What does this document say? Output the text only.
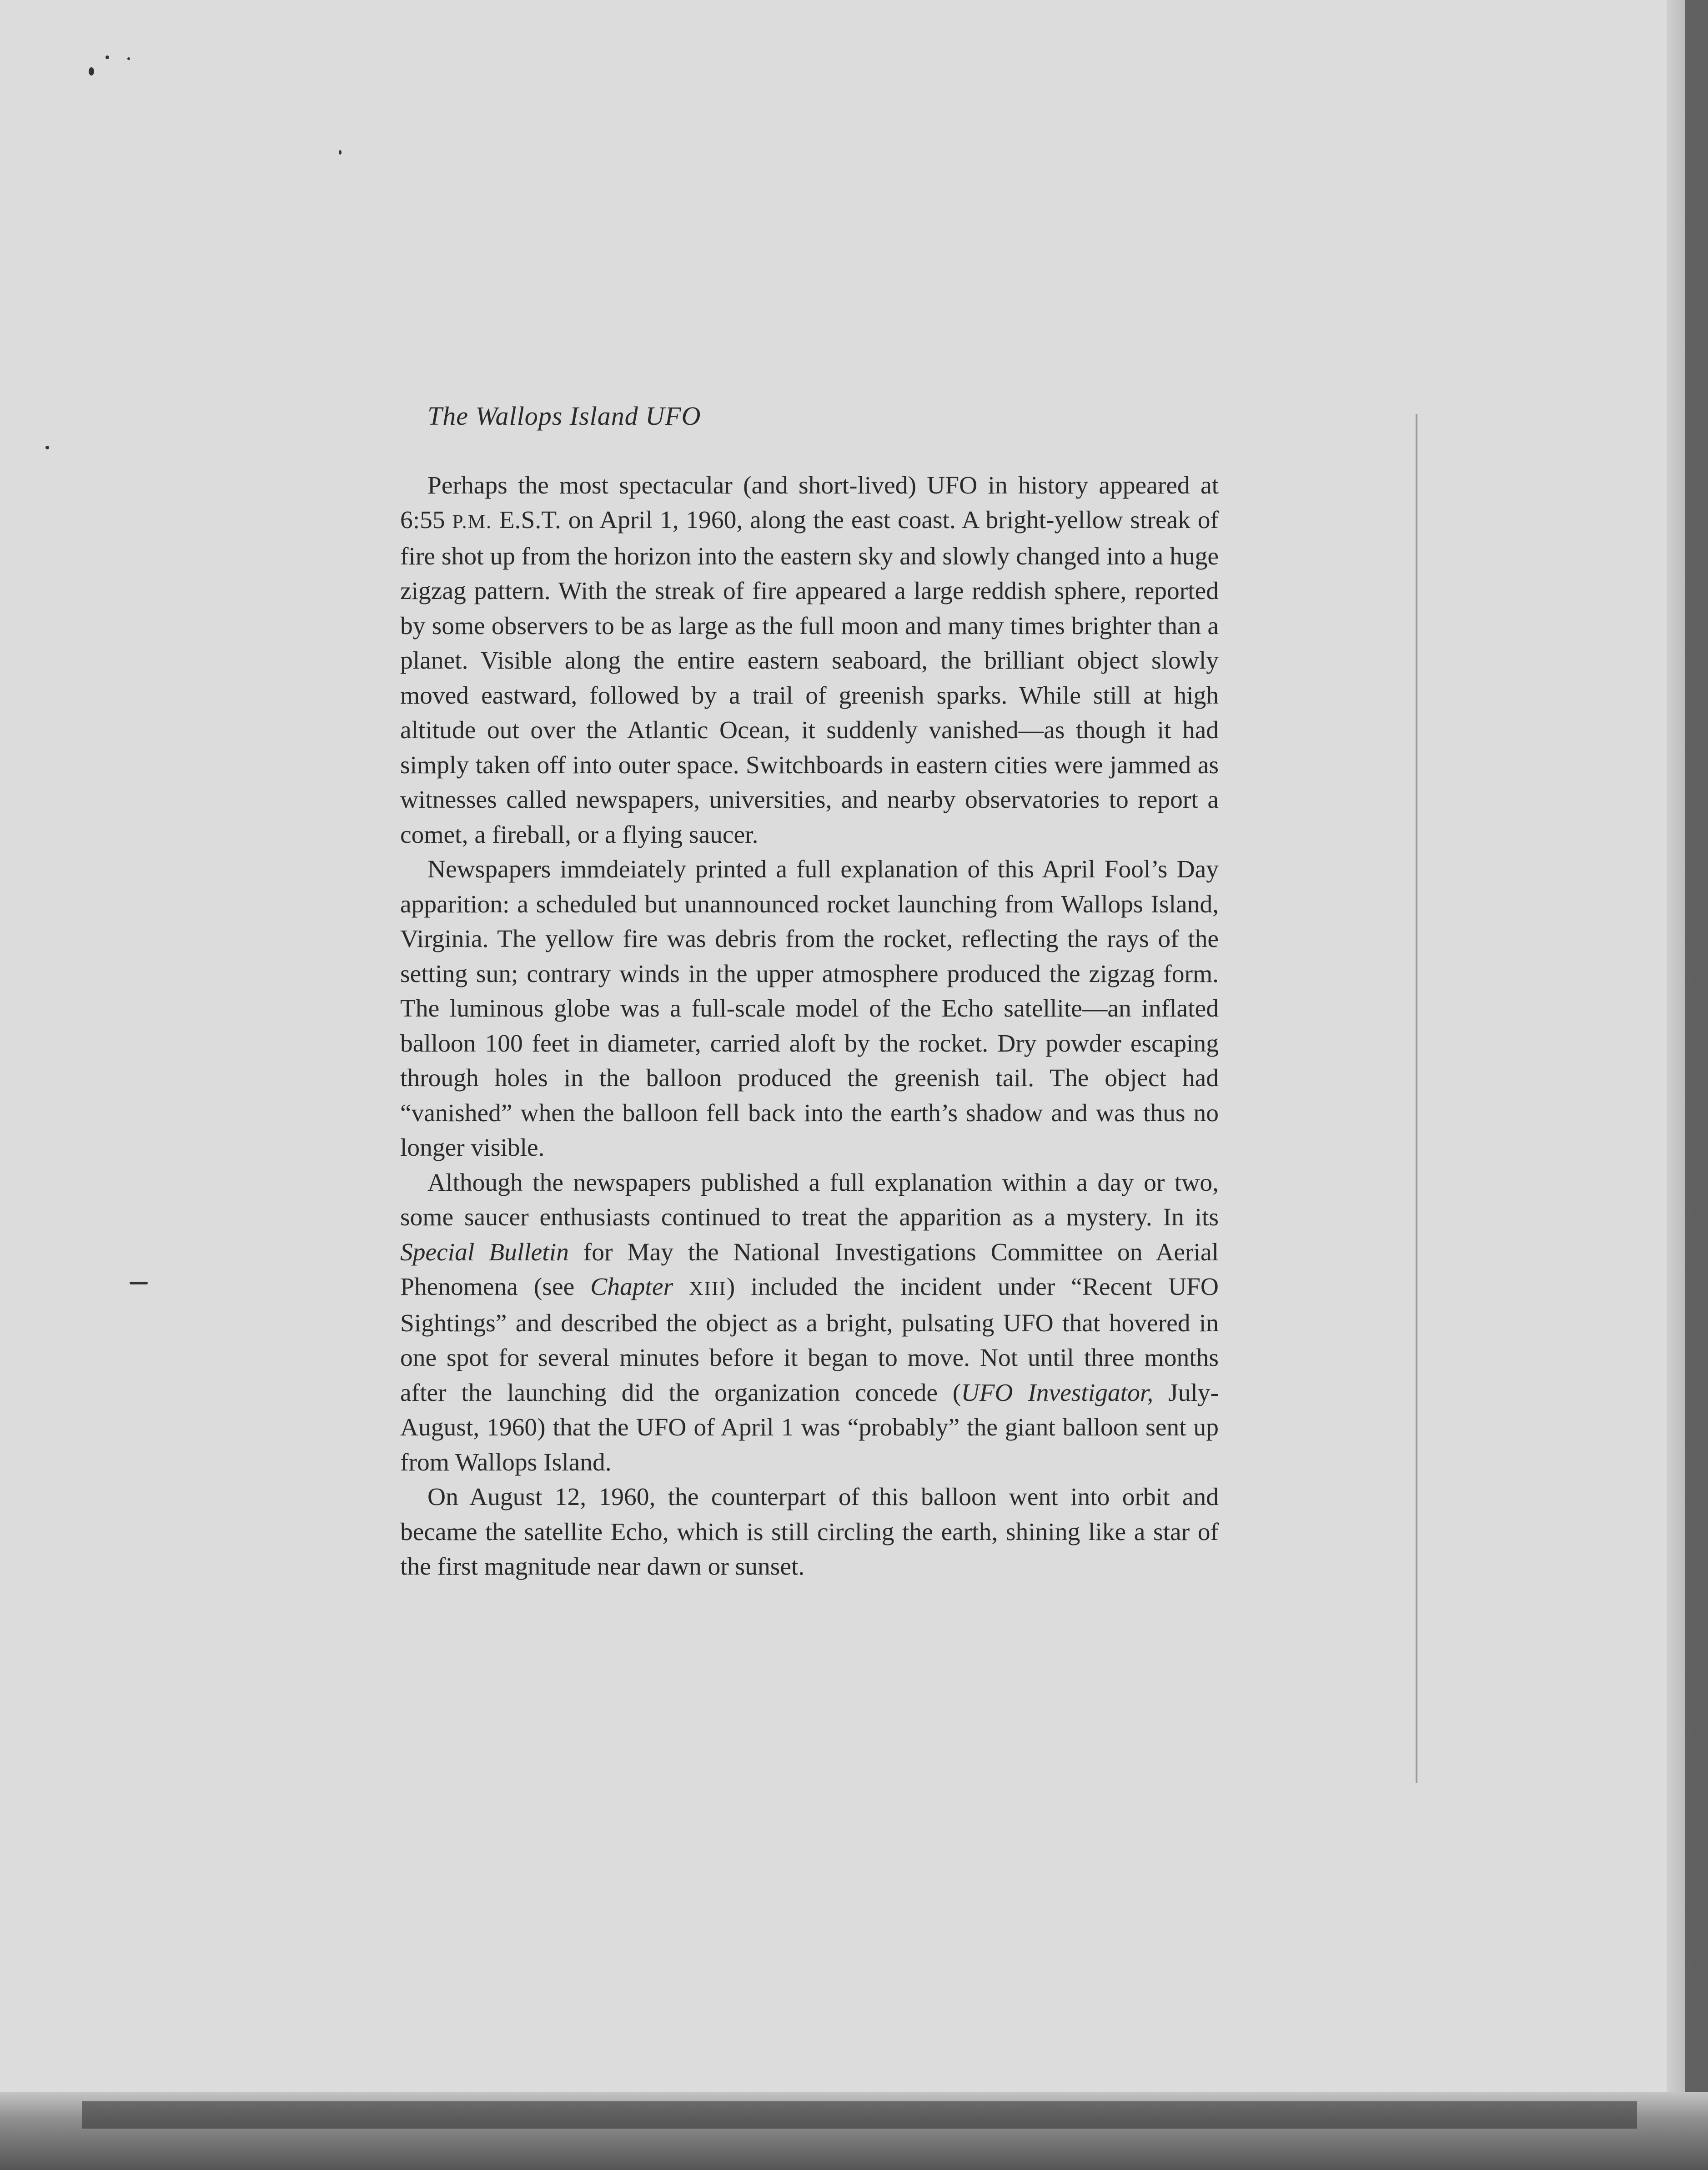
The Wallops Island UFO

Perhaps the most spectacular (and short-lived) UFO in history appeared at 6:55 P.M. E.S.T. on April 1, 1960, along the east coast. A bright-yellow streak of fire shot up from the horizon into the eastern sky and slowly changed into a huge zigzag pattern. With the streak of fire appeared a large reddish sphere, reported by some observers to be as large as the full moon and many times brighter than a planet. Visible along the entire eastern seaboard, the brilliant object slowly moved eastward, followed by a trail of greenish sparks. While still at high altitude out over the Atlantic Ocean, it suddenly vanished—as though it had simply taken off into outer space. Switchboards in eastern cities were jammed as witnesses called newspapers, universities, and nearby observatories to report a comet, a fireball, or a flying saucer.

Newspapers immdeiately printed a full explanation of this April Fool’s Day apparition: a scheduled but unannounced rocket launching from Wallops Island, Virginia. The yellow fire was debris from the rocket, reflecting the rays of the setting sun; contrary winds in the upper atmosphere produced the zigzag form. The luminous globe was a full-scale model of the Echo satellite—an inflated balloon 100 feet in diameter, carried aloft by the rocket. Dry powder escaping through holes in the balloon produced the greenish tail. The object had “vanished” when the balloon fell back into the earth’s shadow and was thus no longer visible.

Although the newspapers published a full explanation within a day or two, some saucer enthusiasts continued to treat the apparition as a mystery. In its Special Bulletin for May the National Investigations Committee on Aerial Phenomena (see Chapter XIII) included the incident under “Recent UFO Sightings” and described the object as a bright, pulsating UFO that hovered in one spot for several minutes before it began to move. Not until three months after the launching did the organization concede (UFO Investigator, July-August, 1960) that the UFO of April 1 was “probably” the giant balloon sent up from Wallops Island.

On August 12, 1960, the counterpart of this balloon went into orbit and became the satellite Echo, which is still circling the earth, shining like a star of the first magnitude near dawn or sunset.
